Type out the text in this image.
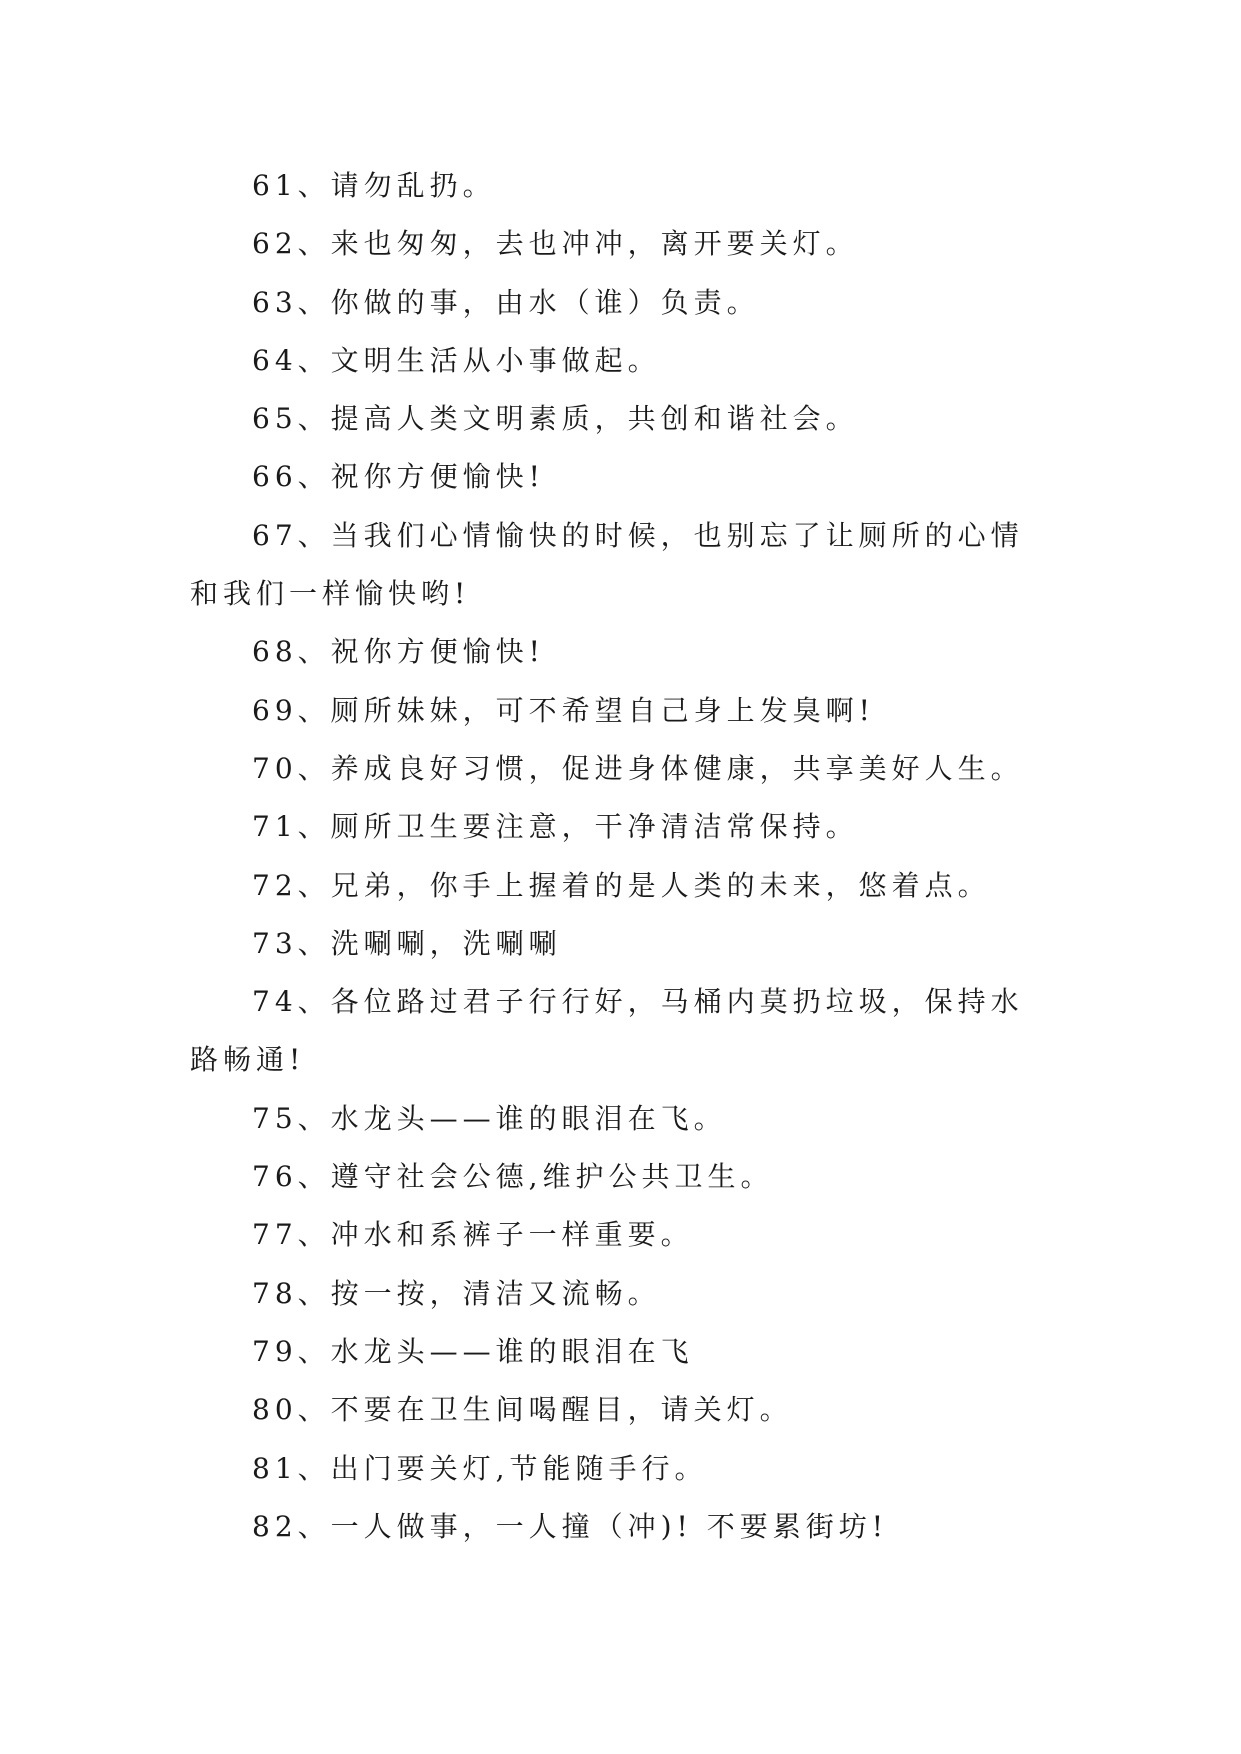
61、请勿乱扔。

62、来也匆匆，去也冲冲，离开要关灯。

63、你做的事，由水（谁）负责。

64、文明生活从小事做起。

65、提高人类文明素质，共创和谐社会。

66、祝你方便愉快!

67、当我们心情愉快的时候，也别忘了让厕所的心情和我们一样愉快哟!

68、祝你方便愉快!

69、厕所妹妹，可不希望自己身上发臭啊!

70、养成良好习惯，促进身体健康，共享美好人生。

71、厕所卫生要注意，干净清洁常保持。

72、兄弟，你手上握着的是人类的未来，悠着点。

73、洗唰唰，洗唰唰

74、各位路过君子行行好，马桶内莫扔垃圾，保持水路畅通!

75、水龙头——谁的眼泪在飞。

76、遵守社会公德,维护公共卫生。

77、冲水和系裤子一样重要。

78、按一按，清洁又流畅。

79、水龙头——谁的眼泪在飞

80、不要在卫生间喝醒目，请关灯。

81、出门要关灯,节能随手行。

82、一人做事，一人撞（冲)! 不要累街坊!
